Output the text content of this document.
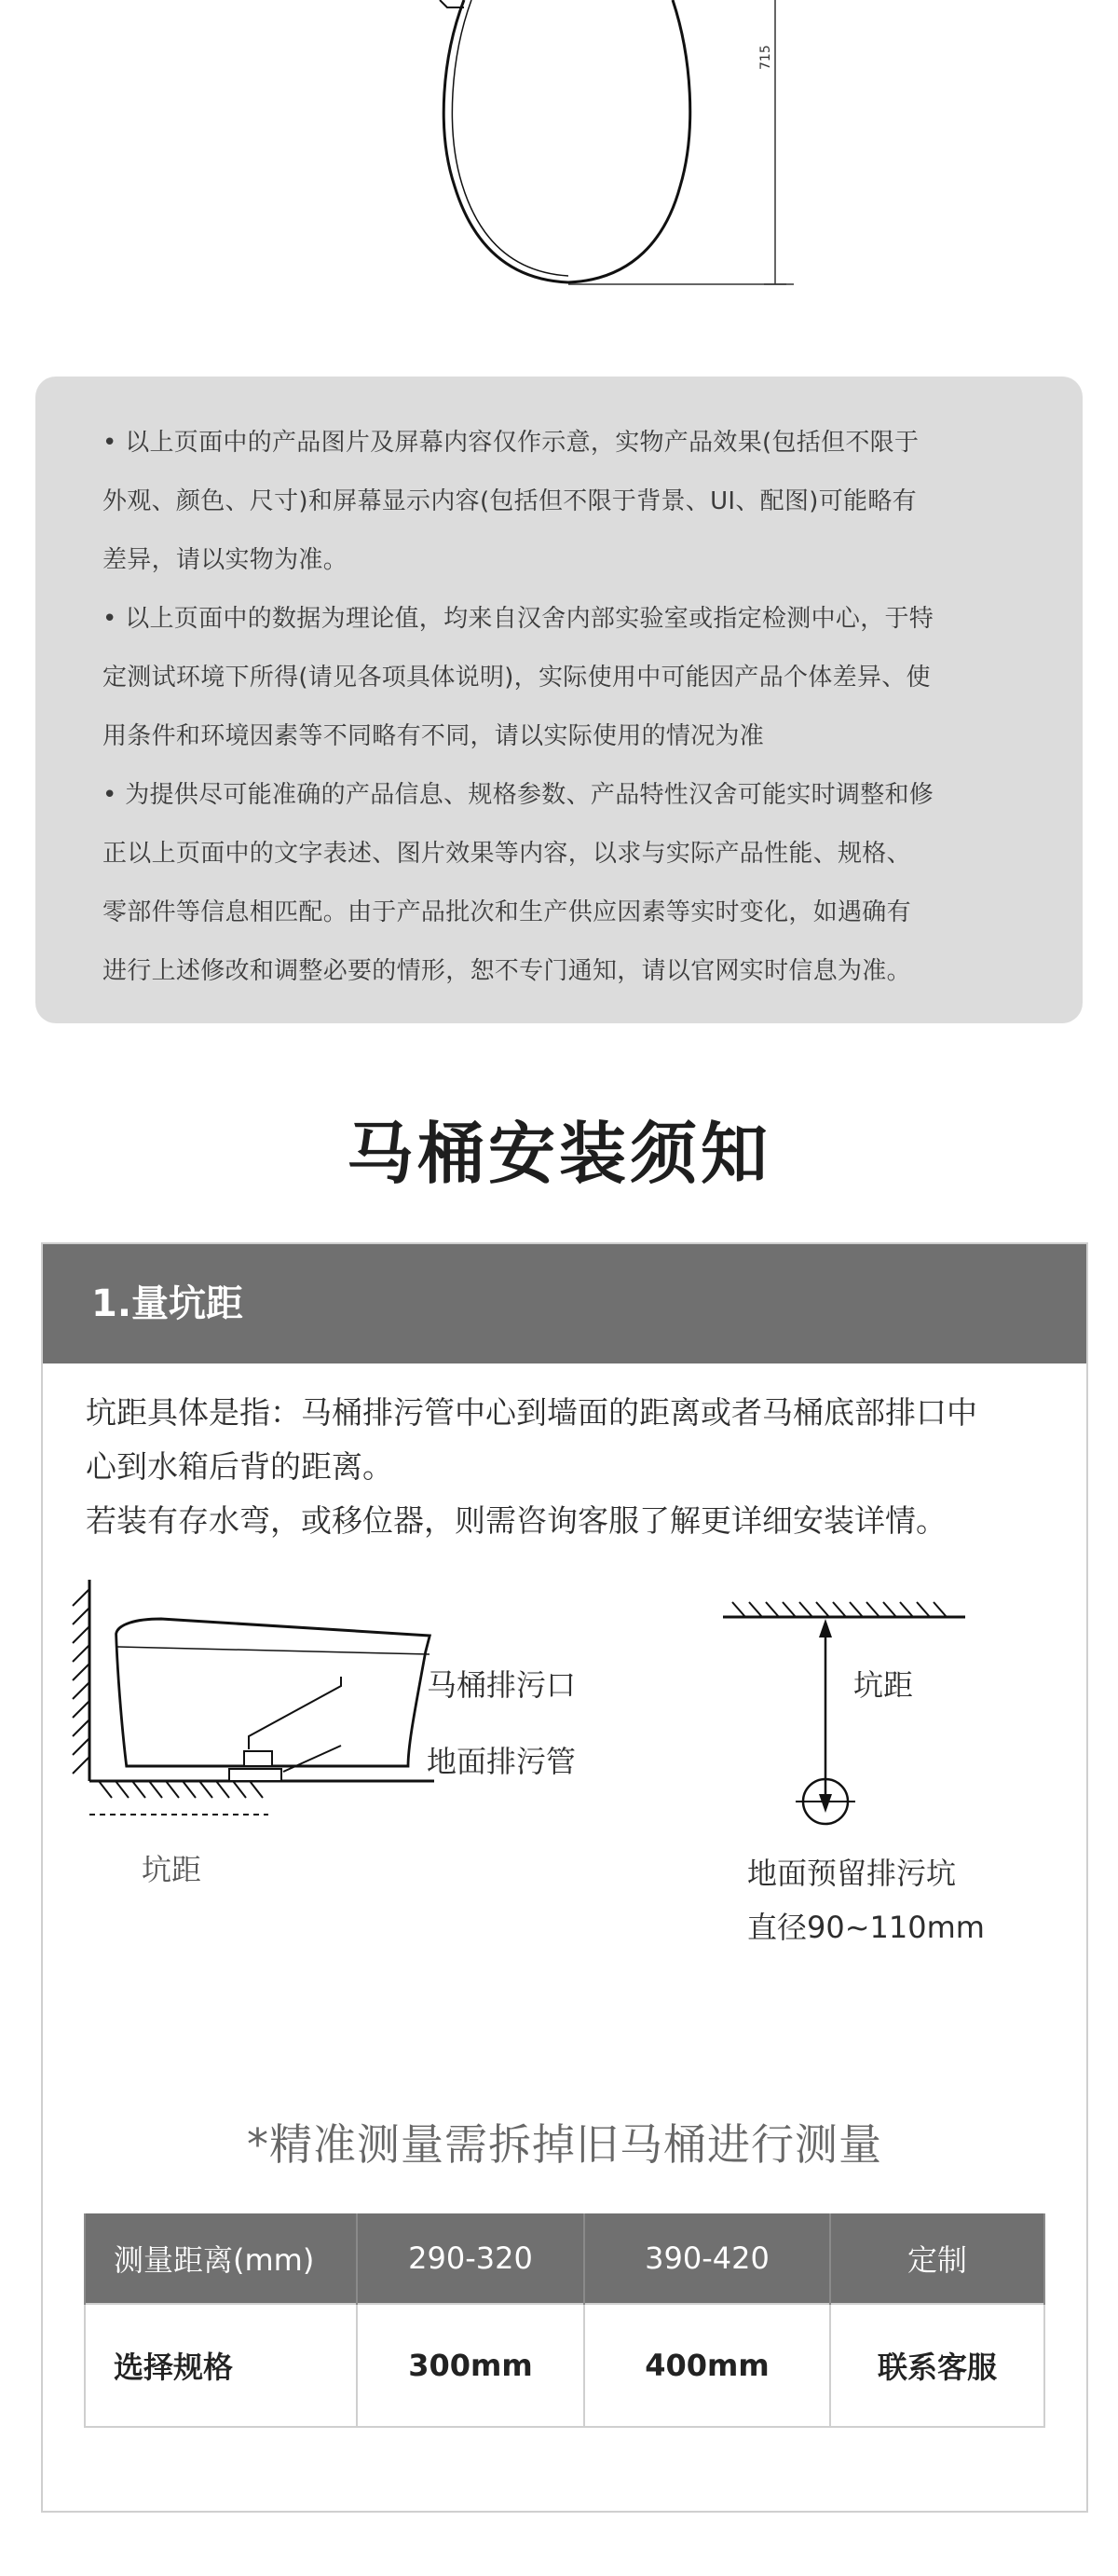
715

• 以上页面中的产品图片及屏幕内容仅作示意，实物产品效果(包括但不限于

外观、颜色、尺寸)和屏幕显示内容(包括但不限于背景、UI、配图)可能略有

差异，请以实物为准。

• 以上页面中的数据为理论值，均来自汉舍内部实验室或指定检测中心，于特

定测试环境下所得(请见各项具体说明)，实际使用中可能因产品个体差异、使

用条件和环境因素等不同略有不同，请以实际使用的情况为准

• 为提供尽可能准确的产品信息、规格参数、产品特性汉舍可能实时调整和修

正以上页面中的文字表述、图片效果等内容，以求与实际产品性能、规格、

零部件等信息相匹配。由于产品批次和生产供应因素等实时变化，如遇确有

进行上述修改和调整必要的情形，恕不专门通知，请以官网实时信息为准。

马桶安装须知
1.量坑距

坑距具体是指：马桶排污管中心到墙面的距离或者马桶底部排口中

心到水箱后背的距离。

若装有存水弯，或移位器，则需咨询客服了解更详细安装详情。

马桶排污口
地面排污管
坑距
坑距
地面预留排污坑
直径90~110mm
*精准测量需拆掉旧马桶进行测量
测量距离(mm)	290-320	390-420	定制
选择规格	300mm	400mm	联系客服
